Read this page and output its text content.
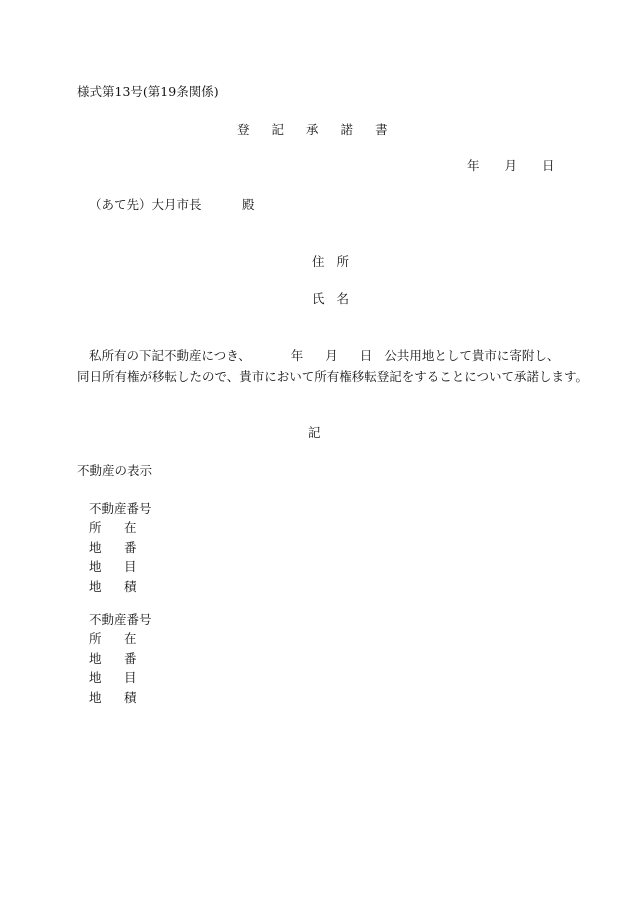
様式第13号(第19条関係)
登 記 承 諾 書
年 月 日
（あて先）大月市長	殿
住 所
氏 名
私所有の下記不動産につき、	年 月 日 公共用地として貴市に寄附し、
同日所有権が移転したので、貴市において所有権移転登記をすることについて承諾します。
記
不動産の表示
不動産番号
所 在
地 番
地 目
地 積
不動産番号
所 在
地 番
地 目
地 積
